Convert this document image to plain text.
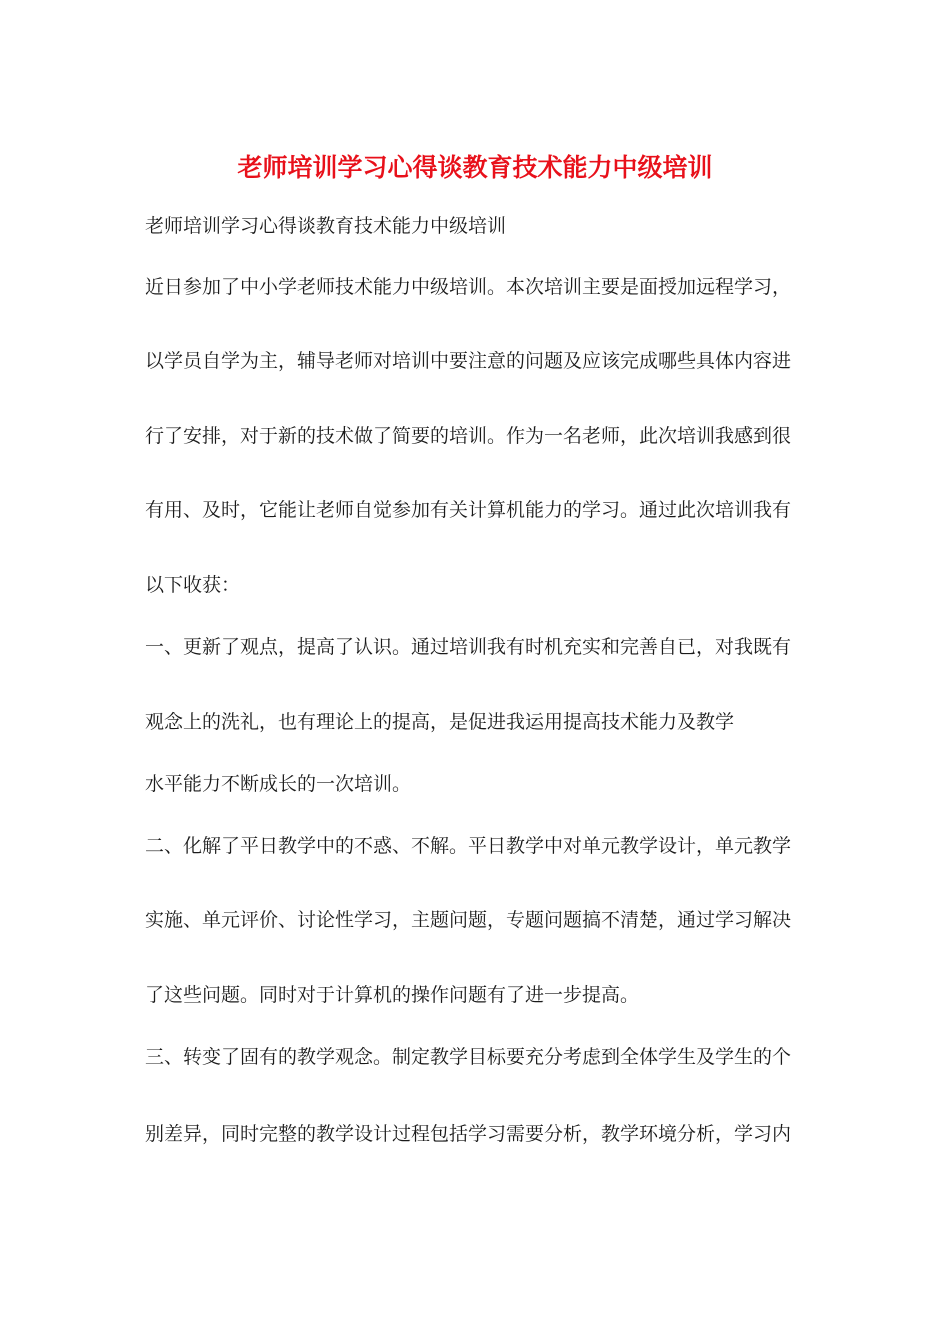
老师培训学习心得谈教育技术能力中级培训
老师培训学习心得谈教育技术能力中级培训
近日参加了中小学老师技术能力中级培训。本次培训主要是面授加远程学习，
以学员自学为主，辅导老师对培训中要注意的问题及应该完成哪些具体内容进
行了安排，对于新的技术做了简要的培训。作为一名老师，此次培训我感到很
有用、及时，它能让老师自觉参加有关计算机能力的学习。通过此次培训我有
以下收获：
一、更新了观点，提高了认识。通过培训我有时机充实和完善自已，对我既有
观念上的洗礼，也有理论上的提高，是促进我运用提高技术能力及教学
水平能力不断成长的一次培训。
二、化解了平日教学中的不惑、不解。平日教学中对单元教学设计，单元教学
实施、单元评价、讨论性学习，主题问题，专题问题搞不清楚，通过学习解决
了这些问题。同时对于计算机的操作问题有了进一步提高。
三、转变了固有的教学观念。制定教学目标要充分考虑到全体学生及学生的个
别差异，同时完整的教学设计过程包括学习需要分析，教学环境分析，学习内
